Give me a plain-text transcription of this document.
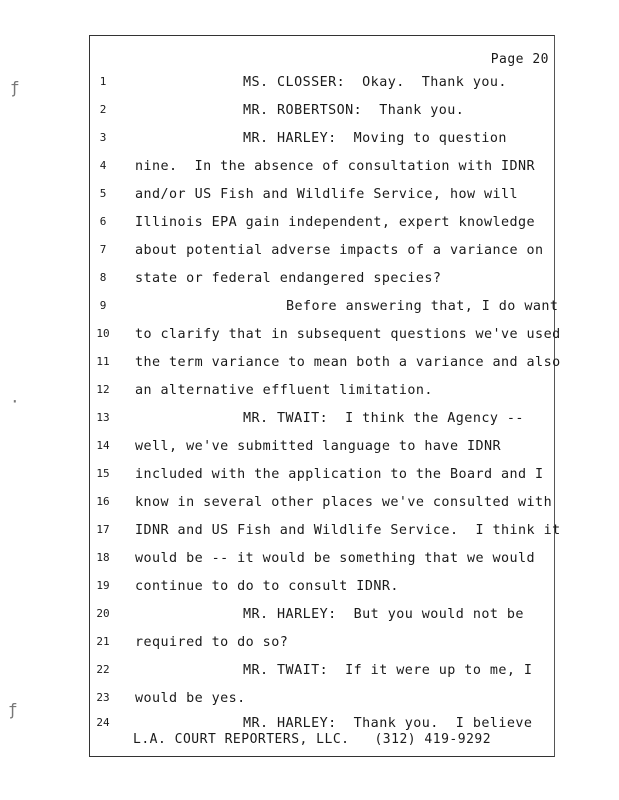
ƒ
·
ƒ
Page 20
1	MS. CLOSSER:  Okay.  Thank you.
2	MR. ROBERTSON:  Thank you.
3	MR. HARLEY:  Moving to question
4	nine.  In the absence of consultation with IDNR
5	and/or US Fish and Wildlife Service, how will
6	Illinois EPA gain independent, expert knowledge
7	about potential adverse impacts of a variance on
8	state or federal endangered species?
9	Before answering that, I do want
10	to clarify that in subsequent questions we've used
11	the term variance to mean both a variance and also
12	an alternative effluent limitation.
13	MR. TWAIT:  I think the Agency --
14	well, we've submitted language to have IDNR
15	included with the application to the Board and I
16	know in several other places we've consulted with
17	IDNR and US Fish and Wildlife Service.  I think it
18	would be -- it would be something that we would
19	continue to do to consult IDNR.
20	MR. HARLEY:  But you would not be
21	required to do so?
22	MR. TWAIT:  If it were up to me, I
23	would be yes.
24	MR. HARLEY:  Thank you.  I believe
L.A. COURT REPORTERS, LLC.   (312) 419-9292
